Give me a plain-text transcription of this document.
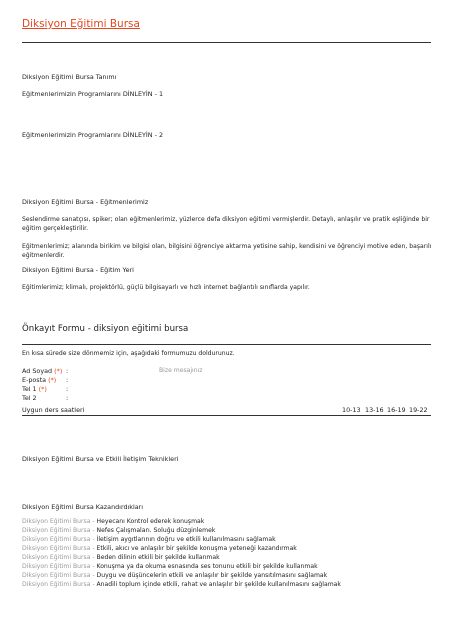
Diksiyon Eğitimi Bursa
Diksiyon Eğitimi Bursa Tanımı
Eğitmenlerimizin Programlarını DİNLEYİN - 1
Eğitmenlerimizin Programlarını DİNLEYİN - 2
Diksiyon Eğitimi Bursa - Eğitmenlerimiz
Seslendirme sanatçısı, spiker; olan eğitmenlerimiz, yüzlerce defa diksiyon eğitimi vermişlerdir. Detaylı, anlaşılır ve pratik eşliğinde bir eğitim gerçekleştirilir.
Eğitmenlerimiz; alanında birikim ve bilgisi olan, bilgisini öğrenciye aktarma yetisine sahip, kendisini ve öğrenciyi motive eden, başarılı eğitmenlerdir.
Diksiyon Eğitimi Bursa - Eğitim Yeri
Eğitimlerimiz; klimalı, projektörlü, güçlü bilgisayarlı ve hızlı internet bağlantılı sınıflarda yapılır.
Önkayıt Formu - diksiyon eğitimi bursa
En kısa sürede size dönmemiz için, aşağıdaki formumuzu doldurunuz.
Ad Soyad (*) :
E-posta (*) :
Tel 1 (*)	:
Tel 2	:
Bize mesajınız
Uygun ders saatleri	10-13 13-16 16-19 19-22
Diksiyon Eğitimi Bursa ve Etkili İletişim Teknikleri
Diksiyon Eğitimi Bursa Kazandırdıkları
Diksiyon Eğitimi Bursa - Heyecanı Kontrol ederek konuşmak
Diksiyon Eğitimi Bursa - Nefes Çalışmaları. Soluğu düzginlemek
Diksiyon Eğitimi Bursa - İletişim aygıtlarının doğru ve etkili kullanılmasını sağlamak
Diksiyon Eğitimi Bursa - Etkili, akıcı ve anlaşılır bir şekilde konuşma yeteneği kazandırmak
Diksiyon Eğitimi Bursa - Beden dilinin etkili bir şekilde kullanmak
Diksiyon Eğitimi Bursa - Konuşma ya da okuma esnasında ses tonunu etkili bir şekilde kullanmak
Diksiyon Eğitimi Bursa - Duygu ve düşüncelerin etkili ve anlaşılır bir şekilde yansıtılmasını sağlamak
Diksiyon Eğitimi Bursa - Anadili toplum içinde etkili, rahat ve anlaşılır bir şekilde kullanılmasını sağlamak
